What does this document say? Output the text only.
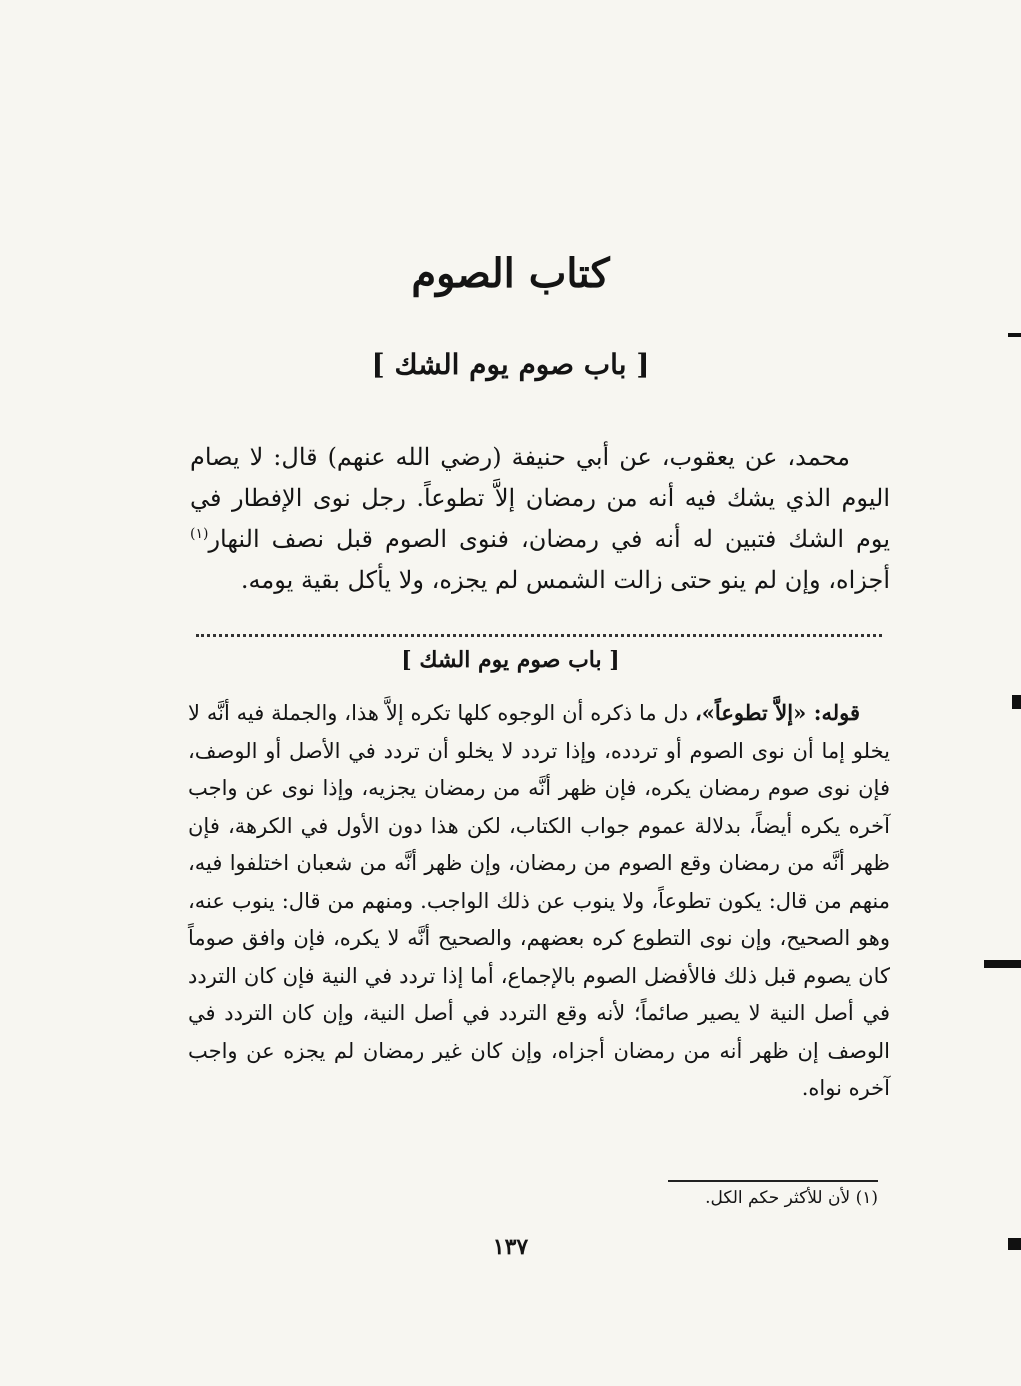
كتاب الصوم
[ باب صوم يوم الشك ]

محمد، عن يعقوب، عن أبي حنيفة (رضي الله عنهم) قال: لا يصام اليوم الذي يشك فيه أنه من رمضان إلاَّ تطوعاً. رجل نوى الإفطار في يوم الشك فتبين له أنه في رمضان، فنوى الصوم قبل نصف النهار$^{(١)}$ أجزاه، وإن لم ينو حتى زالت الشمس لم يجزه، ولا يأكل بقية يومه.

[ باب صوم يوم الشك ]

قوله: «إلاَّ تطوعاً»، دل ما ذكره أن الوجوه كلها تكره إلاَّ هذا، والجملة فيه أنَّه لا يخلو إما أن نوى الصوم أو تردده، وإذا تردد لا يخلو أن تردد في الأصل أو الوصف، فإن نوى صوم رمضان يكره، فإن ظهر أنَّه من رمضان يجزيه، وإذا نوى عن واجب آخره يكره أيضاً، بدلالة عموم جواب الكتاب، لكن هذا دون الأول في الكرهة، فإن ظهر أنَّه من رمضان وقع الصوم من رمضان، وإن ظهر أنَّه من شعبان اختلفوا فيه، منهم من قال: يكون تطوعاً، ولا ينوب عن ذلك الواجب. ومنهم من قال: ينوب عنه، وهو الصحيح، وإن نوى التطوع كره بعضهم، والصحيح أنَّه لا يكره، فإن وافق صوماً كان يصوم قبل ذلك فالأفضل الصوم بالإجماع، أما إذا تردد في النية فإن كان التردد في أصل النية لا يصير صائماً؛ لأنه وقع التردد في أصل النية، وإن كان التردد في الوصف إن ظهر أنه من رمضان أجزاه، وإن كان غير رمضان لم يجزه عن واجب آخره نواه.

(١) لأن للأكثر حكم الكل.

١٣٧
